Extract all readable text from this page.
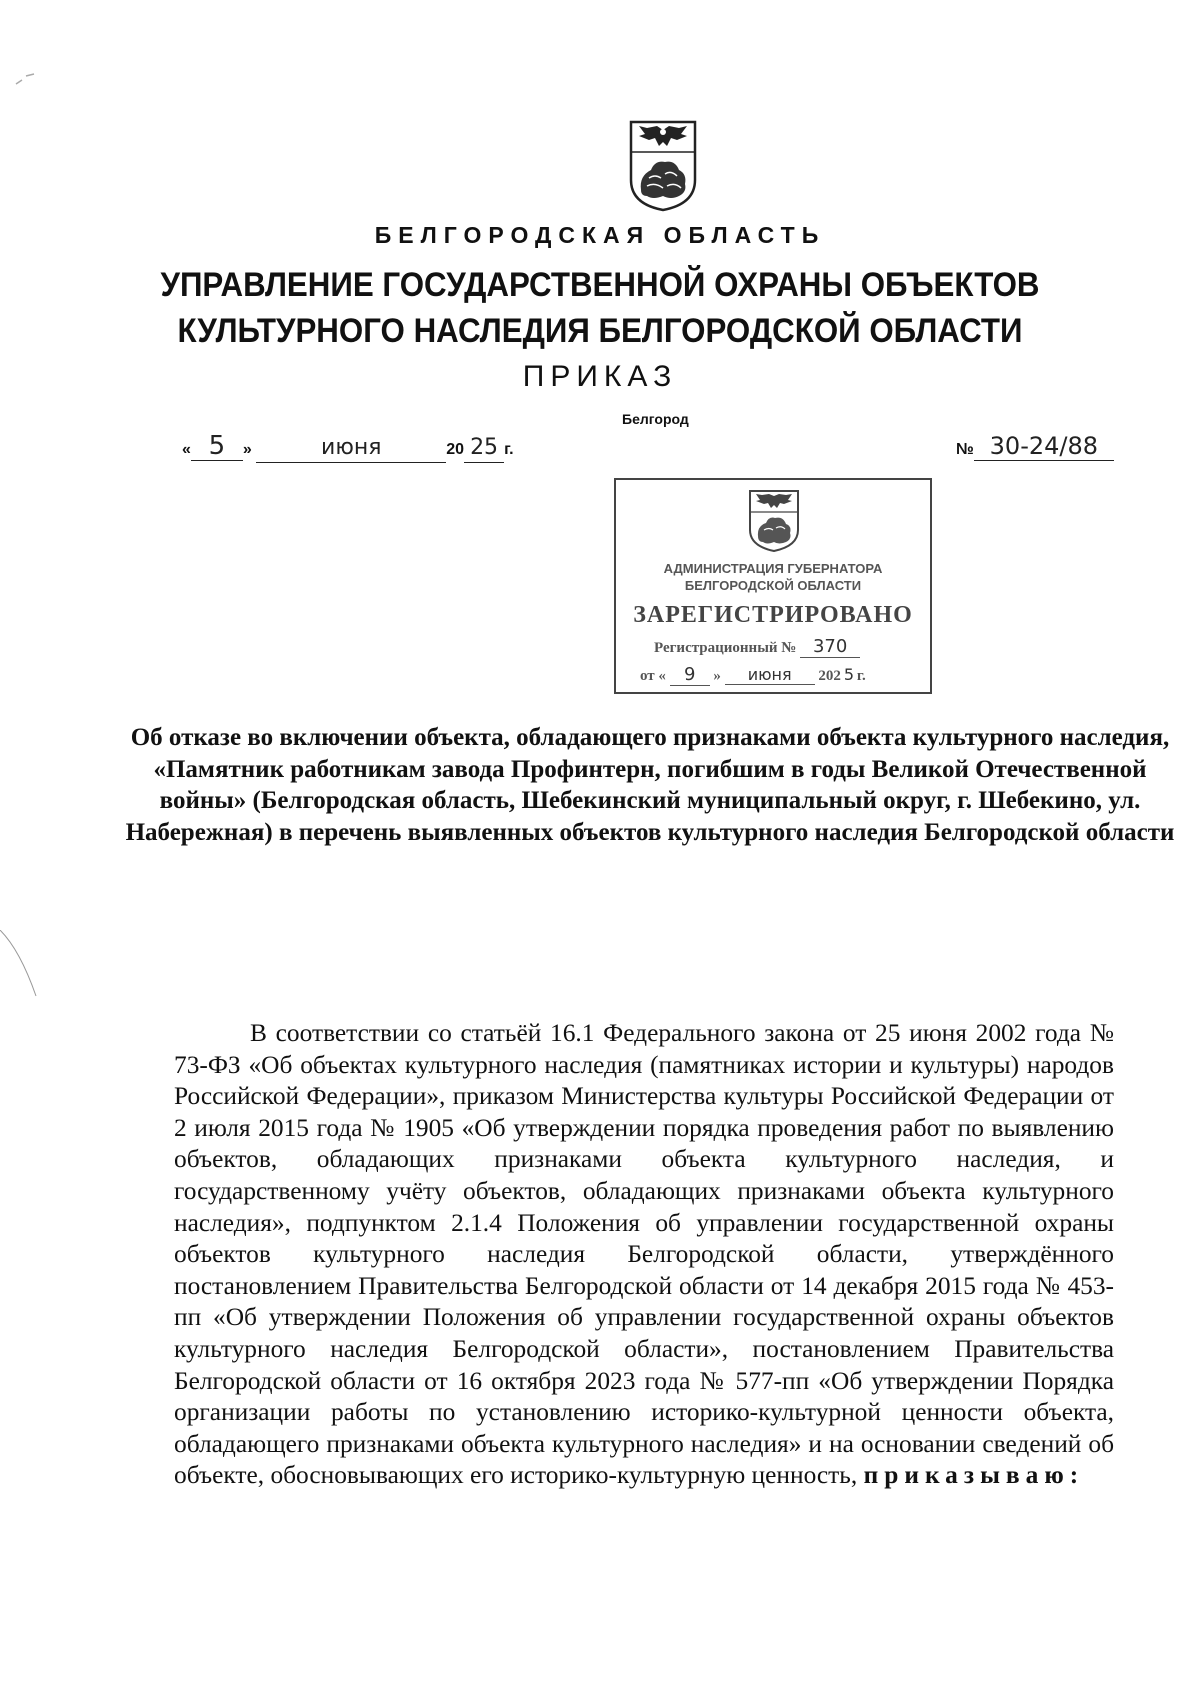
БЕЛГОРОДСКАЯ ОБЛАСТЬ
УПРАВЛЕНИЕ ГОСУДАРСТВЕННОЙ ОХРАНЫ ОБЪЕКТОВ
КУЛЬТУРНОГО НАСЛЕДИЯ БЕЛГОРОДСКОЙ ОБЛАСТИ
ПРИКАЗ
Белгород
« 5 »	июня	20 25 г.	№ 30-24/88
АДМИНИСТРАЦИЯ ГУБЕРНАТОРА
БЕЛГОРОДСКОЙ ОБЛАСТИ
ЗАРЕГИСТРИРОВАНО
Регистрационный № 370
от « 9 » июня 202 5 г.
Об отказе во включении объекта, обладающего признаками объекта культурного наследия, «Памятник работникам завода Профинтерн, погибшим в годы Великой Отечественной войны» (Белгородская область, Шебекинский муниципальный округ, г. Шебекино, ул. Набережная) в перечень выявленных объектов культурного наследия Белгородской области
В соответствии со статьёй 16.1 Федерального закона от 25 июня 2002 года № 73-ФЗ «Об объектах культурного наследия (памятниках истории и культуры) народов Российской Федерации», приказом Министерства культуры Российской Федерации от 2 июля 2015 года № 1905 «Об утверждении порядка проведения работ по выявлению объектов, обладающих признаками объекта культурного наследия, и государственному учёту объектов, обладающих признаками объекта культурного наследия», подпунктом 2.1.4 Положения об управлении государственной охраны объектов культурного наследия Белгородской области, утверждённого постановлением Правительства Белгородской области от 14 декабря 2015 года № 453-пп «Об утверждении Положения об управлении государственной охраны объектов культурного наследия Белгородской области», постановлением Правительства Белгородской области от 16 октября 2023 года № 577-пп «Об утверждении Порядка организации работы по установлению историко-культурной ценности объекта, обладающего признаками объекта культурного наследия» и на основании сведений об объекте, обосновывающих его историко-культурную ценность, приказываю:
